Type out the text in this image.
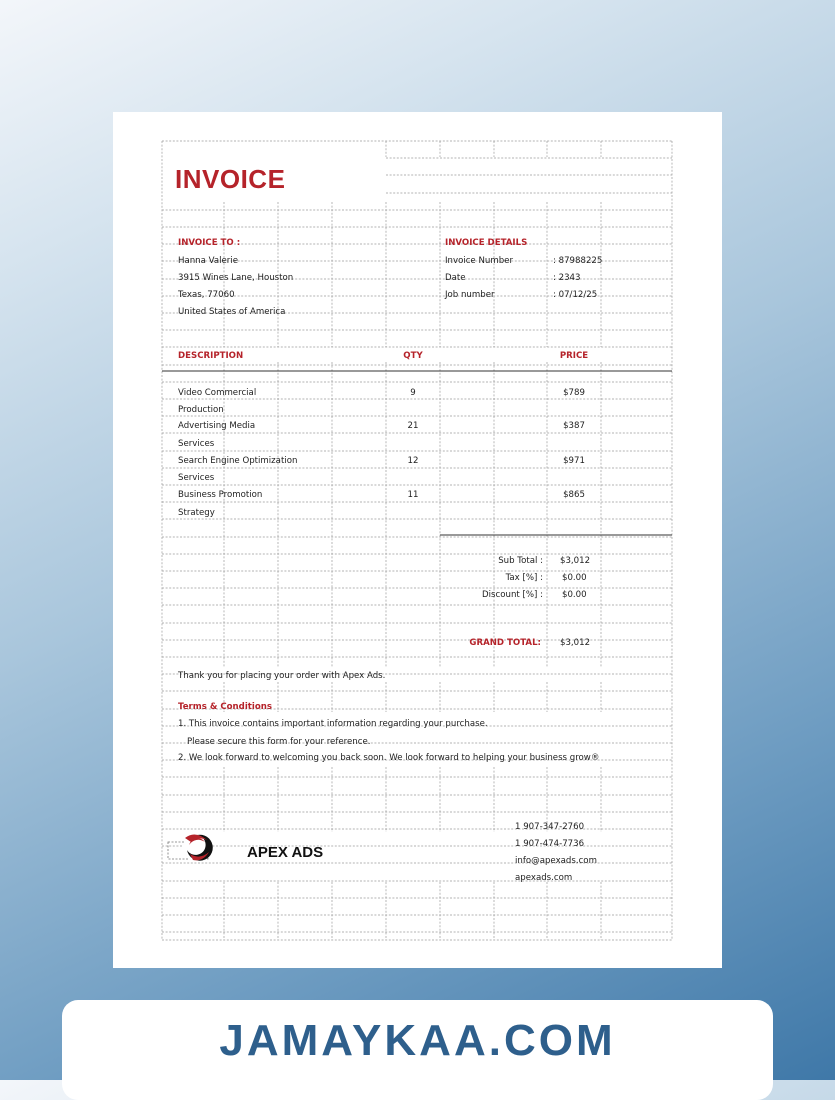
INVOICE
INVOICE TO :
Hanna Valerie
3915 Wines Lane, Houston
Texas, 77060
United States of America
INVOICE DETAILS
Invoice Number	: 87988225
Date	: 2343
Job number	: 07/12/25
DESCRIPTION	QTY	PRICE
Video Commercial
Production
9	$789
Advertising Media
Services
21	$387
Search Engine Optimization
Services
12	$971
Business Promotion
Strategy
11	$865
Sub Total : $3,012
Tax [%] : $0.00
Discount [%] : $0.00
GRAND TOTAL: $3,012
Thank you for placing your order with Apex Ads.
Terms & Conditions
1. This invoice contains important information regarding your purchase.
Please secure this form for your reference.
2. We look forward to welcoming you back soon. We look forward to helping your business grow®
APEX ADS
1 907-347-2760
1 907-474-7736
info@apexads.com
apexads.com
JAMAYKAA.COM
